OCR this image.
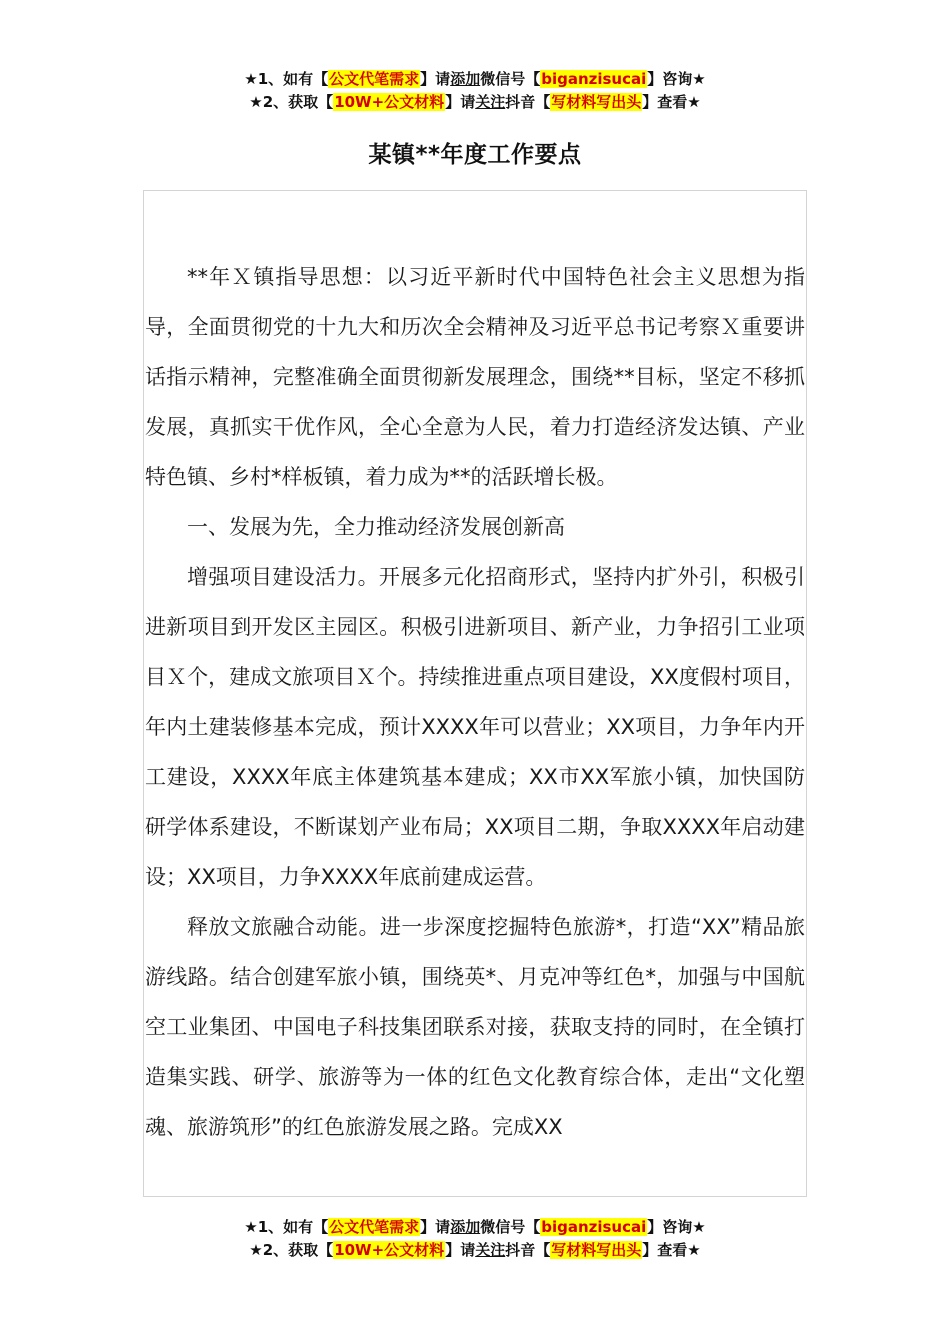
★1、如有【公文代笔需求】请添加微信号【biganzisucai】咨询★
★2、获取【10W+公文材料】请关注抖音【写材料写出头】查看★
某镇**年度工作要点

**年Ｘ镇指导思想：以习近平新时代中国特色社会主义思想为指导，全面贯彻党的十九大和历次全会精神及习近平总书记考察Ｘ重要讲话指示精神，完整准确全面贯彻新发展理念，围绕**目标，坚定不移抓发展，真抓实干优作风，全心全意为人民，着力打造经济发达镇、产业特色镇、乡村*样板镇，着力成为**的活跃增长极。

一、发展为先，全力推动经济发展创新高

增强项目建设活力。开展多元化招商形式，坚持内扩外引，积极引进新项目到开发区主园区。积极引进新项目、新产业，力争招引工业项目Ｘ个，建成文旅项目Ｘ个。持续推进重点项目建设，XX度假村项目，年内土建装修基本完成，预计XXXX年可以营业；XX项目，力争年内开工建设，XXXX年底主体建筑基本建成；XX市XX军旅小镇，加快国防研学体系建设，不断谋划产业布局；XX项目二期，争取XXXX年启动建设；XX项目，力争XXXX年底前建成运营。

释放文旅融合动能。进一步深度挖掘特色旅游*，打造“XX”精品旅游线路。结合创建军旅小镇，围绕英*、月克冲等红色*，加强与中国航空工业集团、中国电子科技集团联系对接，获取支持的同时，在全镇打造集实践、研学、旅游等为一体的红色文化教育综合体，走出“文化塑魂、旅游筑形”的红色旅游发展之路。完成XX

★1、如有【公文代笔需求】请添加微信号【biganzisucai】咨询★
★2、获取【10W+公文材料】请关注抖音【写材料写出头】查看★
